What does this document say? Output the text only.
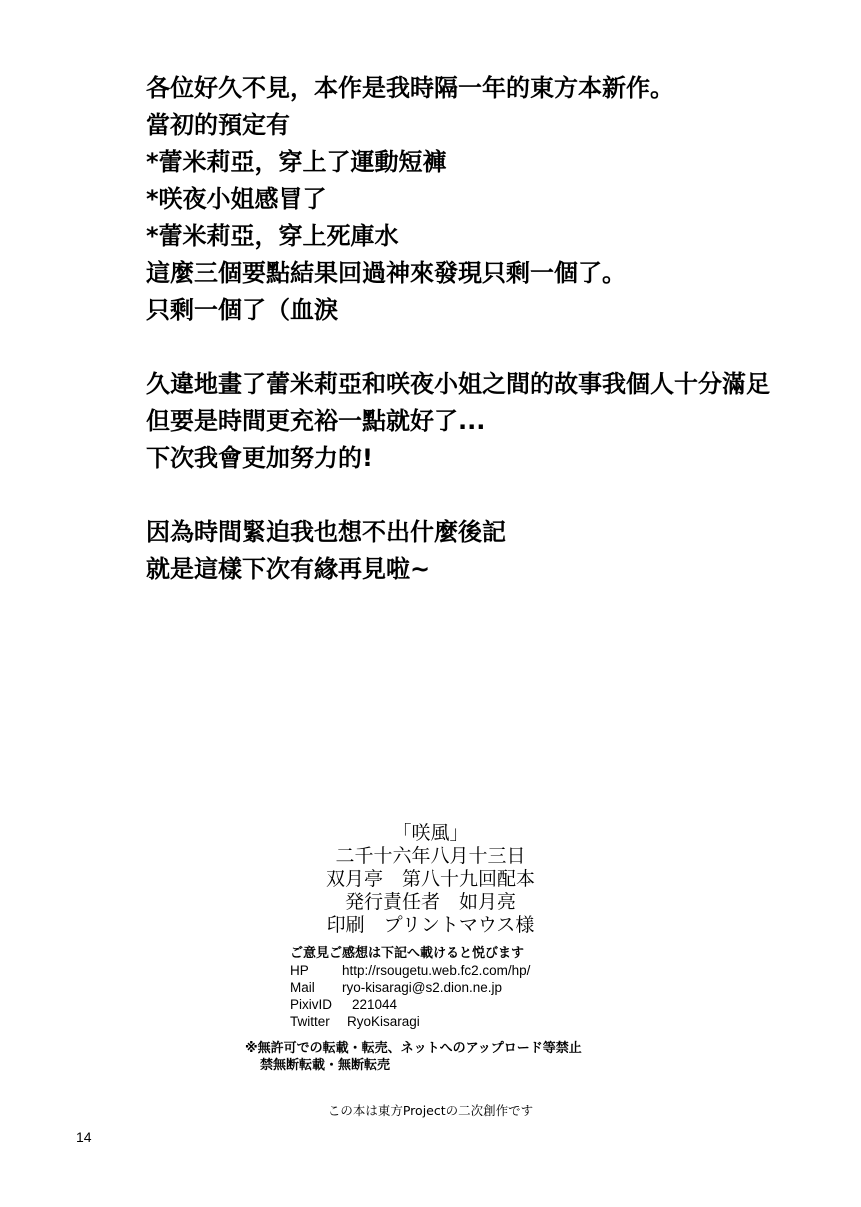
各位好久不見，本作是我時隔一年的東方本新作。
當初的預定有
*蕾米莉亞，穿上了運動短褲
*咲夜小姐感冒了
*蕾米莉亞，穿上死庫水
這麼三個要點結果回過神來發現只剩一個了。
只剩一個了（血淚
久違地畫了蕾米莉亞和咲夜小姐之間的故事我個人十分滿足
但要是時間更充裕一點就好了...
下次我會更加努力的!
因為時間緊迫我也想不出什麼後記
就是這樣下次有緣再見啦~
「咲風」
二千十六年八月十三日
双月亭　第八十九回配本
発行責任者　如月亮
印刷　プリントマウス様
ご意見ご感想は下記へ載けると悦びます
HP http://rsougetu.web.fc2.com/hp/
Mail ryo-kisaragi@s2.dion.ne.jp
PixivID 221044
Twitter RyoKisaragi
※無許可での転載・転売、ネットへのアップロード等禁止
禁無断転載・無断転売
この本は東方Projectの二次創作です
14
